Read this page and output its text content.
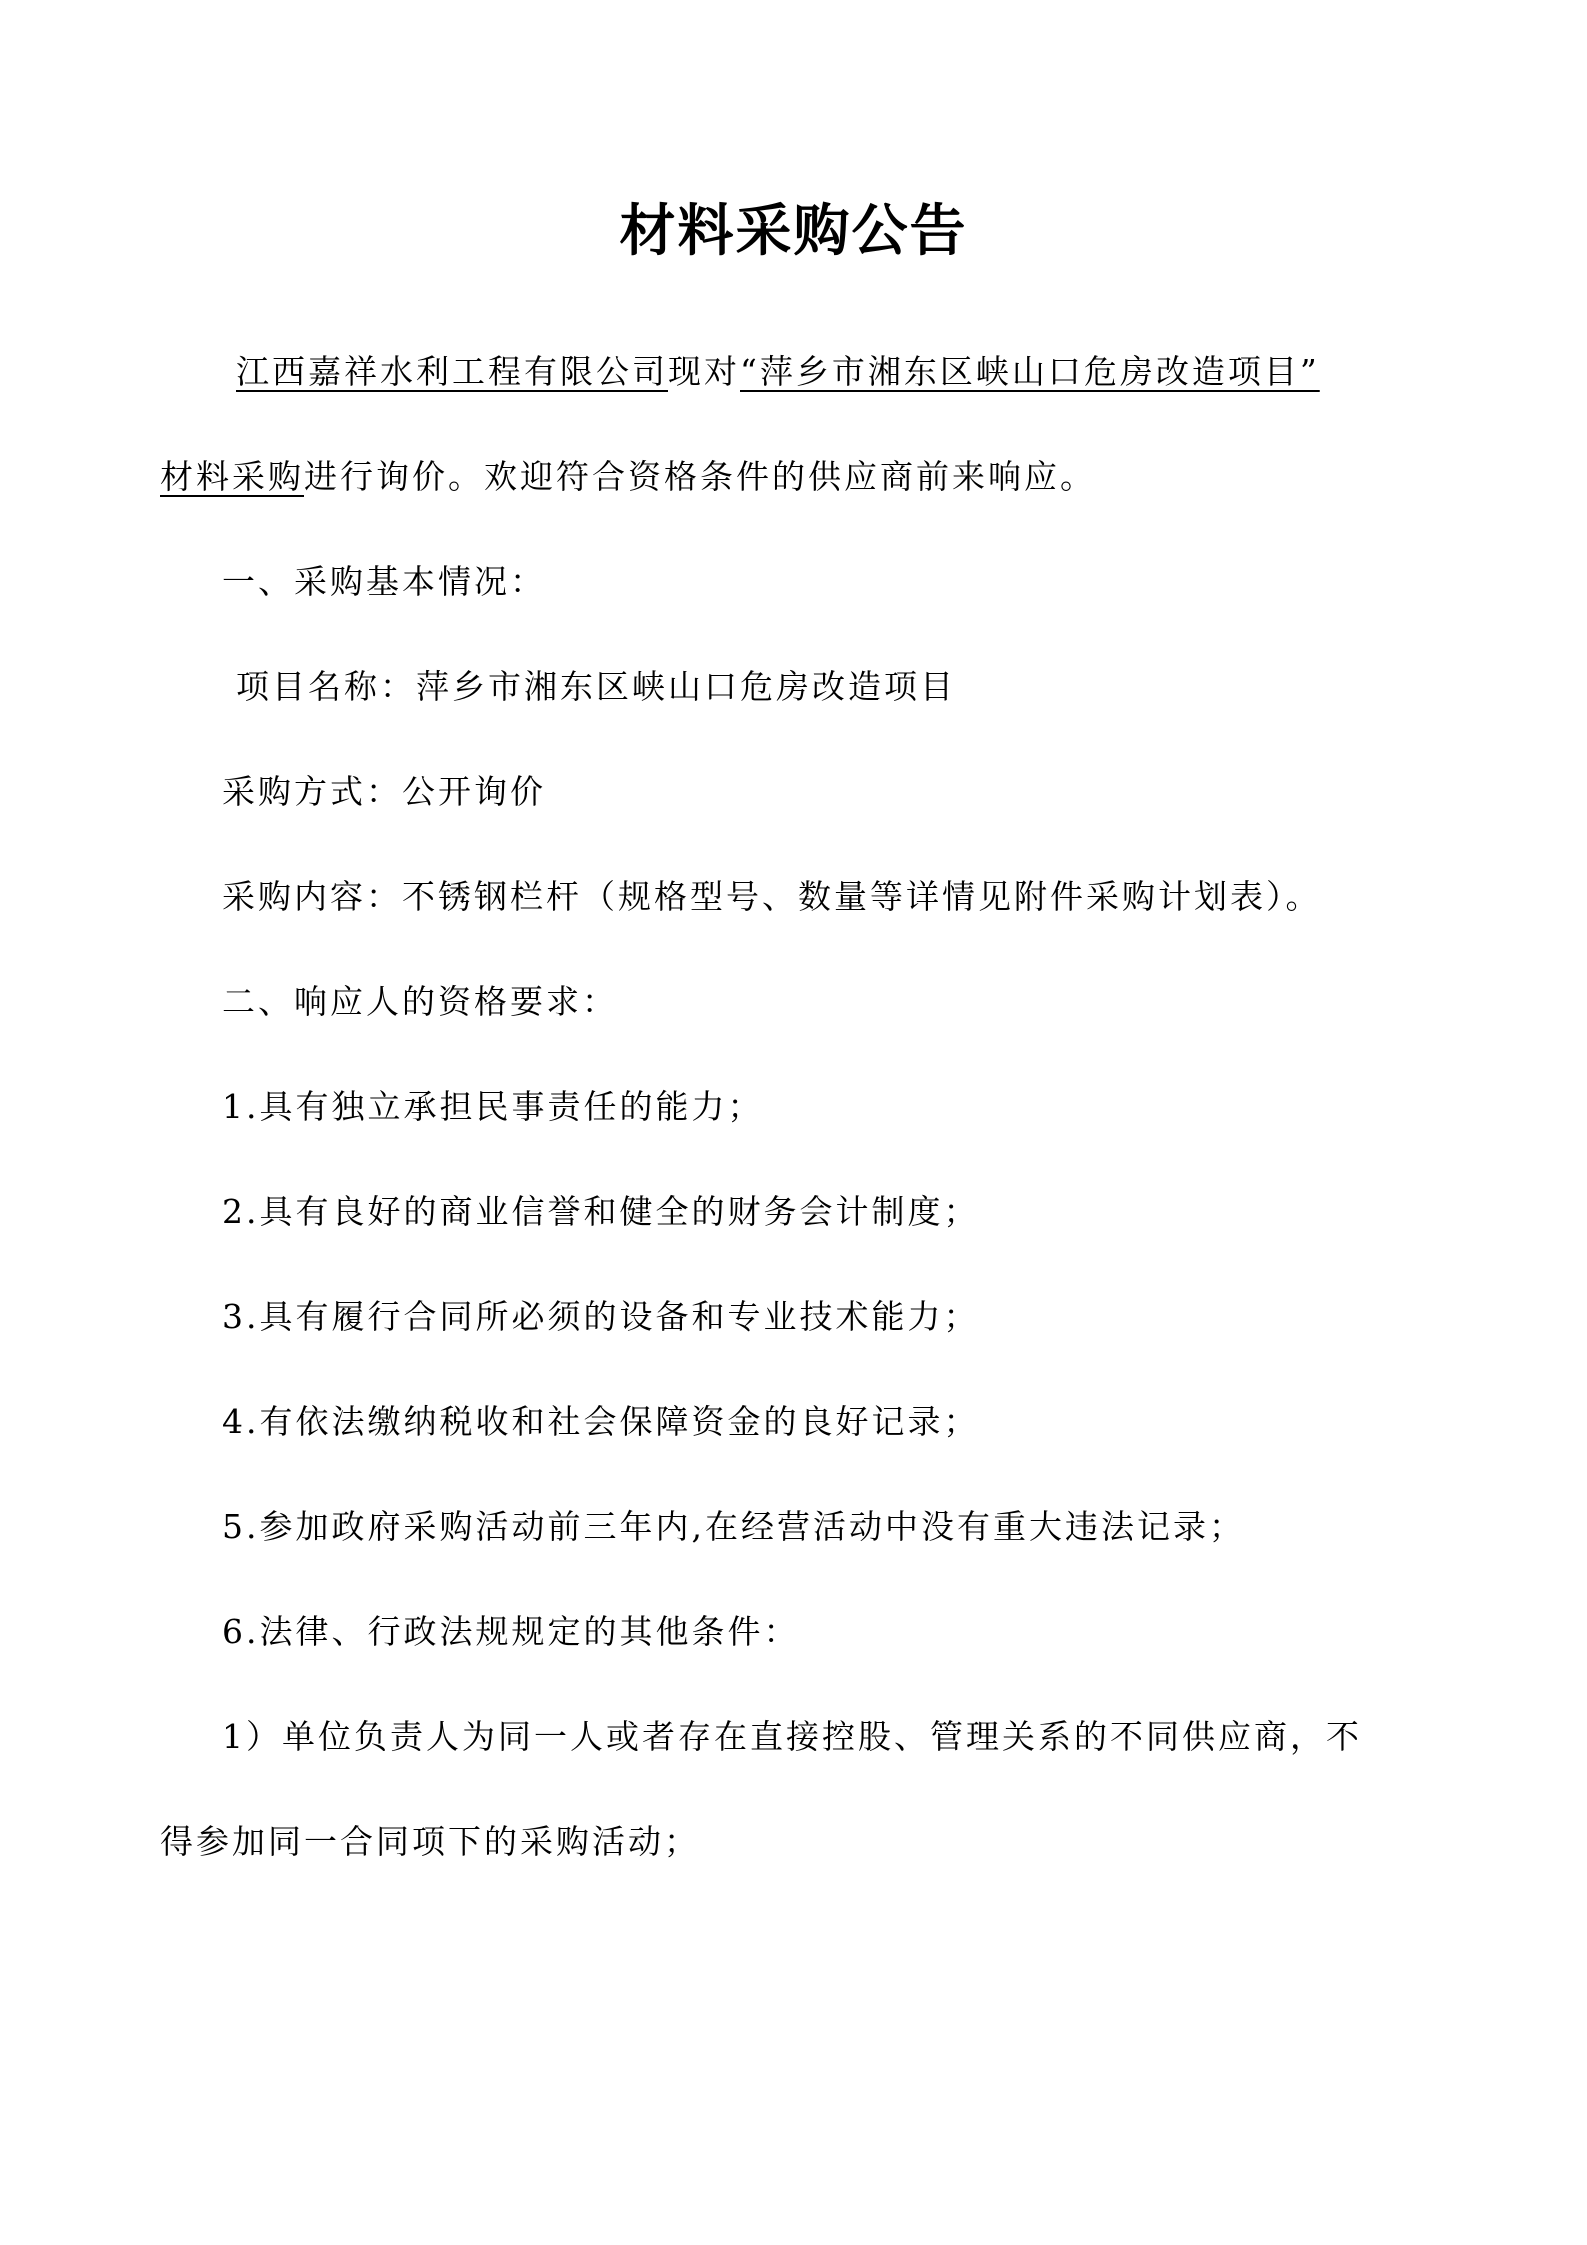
材料采购公告
江西嘉祥水利工程有限公司现对“萍乡市湘东区峡山口危房改造项目”
材料采购进行询价。欢迎符合资格条件的供应商前来响应。
一、采购基本情况：
项目名称：萍乡市湘东区峡山口危房改造项目
采购方式：公开询价
采购内容：不锈钢栏杆（规格型号、数量等详情见附件采购计划表）。
二、响应人的资格要求：
1.具有独立承担民事责任的能力；
2.具有良好的商业信誉和健全的财务会计制度；
3.具有履行合同所必须的设备和专业技术能力；
4.有依法缴纳税收和社会保障资金的良好记录；
5.参加政府采购活动前三年内,在经营活动中没有重大违法记录；
6.法律、行政法规规定的其他条件：
1）单位负责人为同一人或者存在直接控股、管理关系的不同供应商，不
得参加同一合同项下的采购活动；
